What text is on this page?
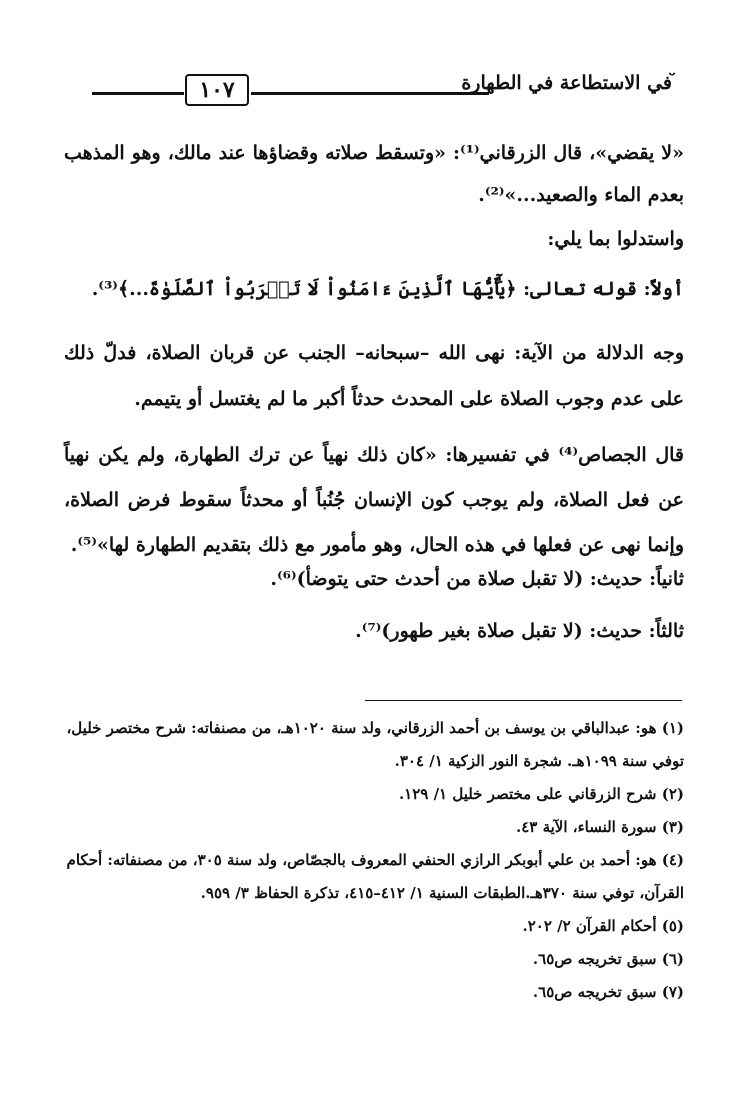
ﬞفي الاستطاعة في الطهارة
١٠٧
«لا يقضي»، قال الزرقاني⁽¹⁾: «وتسقط صلاته وقضاؤها عند مالك، وهو المذهب بعدم الماء والصعيد...»⁽²⁾.
واستدلوا بما يلي:
أولاً: قوله تعالى: ﴿يَٰٓأَيُّهَا ٱلَّذِينَ ءَامَنُواْ لَا تَقۡرَبُواْ ٱلصَّلَوٰةَ...﴾⁽³⁾.
وجه الدلالة من الآية: نهى الله –سبحانه– الجنب عن قربان الصلاة، فدلّ ذلك على عدم وجوب الصلاة على المحدث حدثاً أكبر ما لم يغتسل أو يتيمم.
قال الجصاص⁽⁴⁾ في تفسيرها: «كان ذلك نهياً عن ترك الطهارة، ولم يكن نهياً عن فعل الصلاة، ولم يوجب كون الإنسان جُنُباً أو محدثاً سقوط فرض الصلاة، وإنما نهى عن فعلها في هذه الحال، وهو مأمور مع ذلك بتقديم الطهارة لها»⁽⁵⁾.
ثانياً: حديث: (لا تقبل صلاة من أحدث حتى يتوضأ)⁽⁶⁾.
ثالثاً: حديث: (لا تقبل صلاة بغير طهور)⁽⁷⁾.

(١) هو: عبدالباقي بن يوسف بن أحمد الزرقاني، ولد سنة ١٠٢٠هـ، من مصنفاته: شرح مختصر خليل، توفي سنة ١٠٩٩هـ. شجرة النور الزكية ١/ ٣٠٤.

(٢) شرح الزرقاني على مختصر خليل ١/ ١٢٩.

(٣) سورة النساء، الآية ٤٣.

(٤) هو: أحمد بن علي أبوبكر الرازي الحنفي المعروف بالجصّاص، ولد سنة ٣٠٥، من مصنفاته: أحكام القرآن، توفي سنة ٣٧٠هـ.الطبقات السنية ١/ ٤١٢–٤١٥، تذكرة الحفاظ ٣/ ٩٥٩.

(٥) أحكام القرآن ٢/ ٢٠٢.

(٦) سبق تخريجه ص٦٥.

(٧) سبق تخريجه ص٦٥.
